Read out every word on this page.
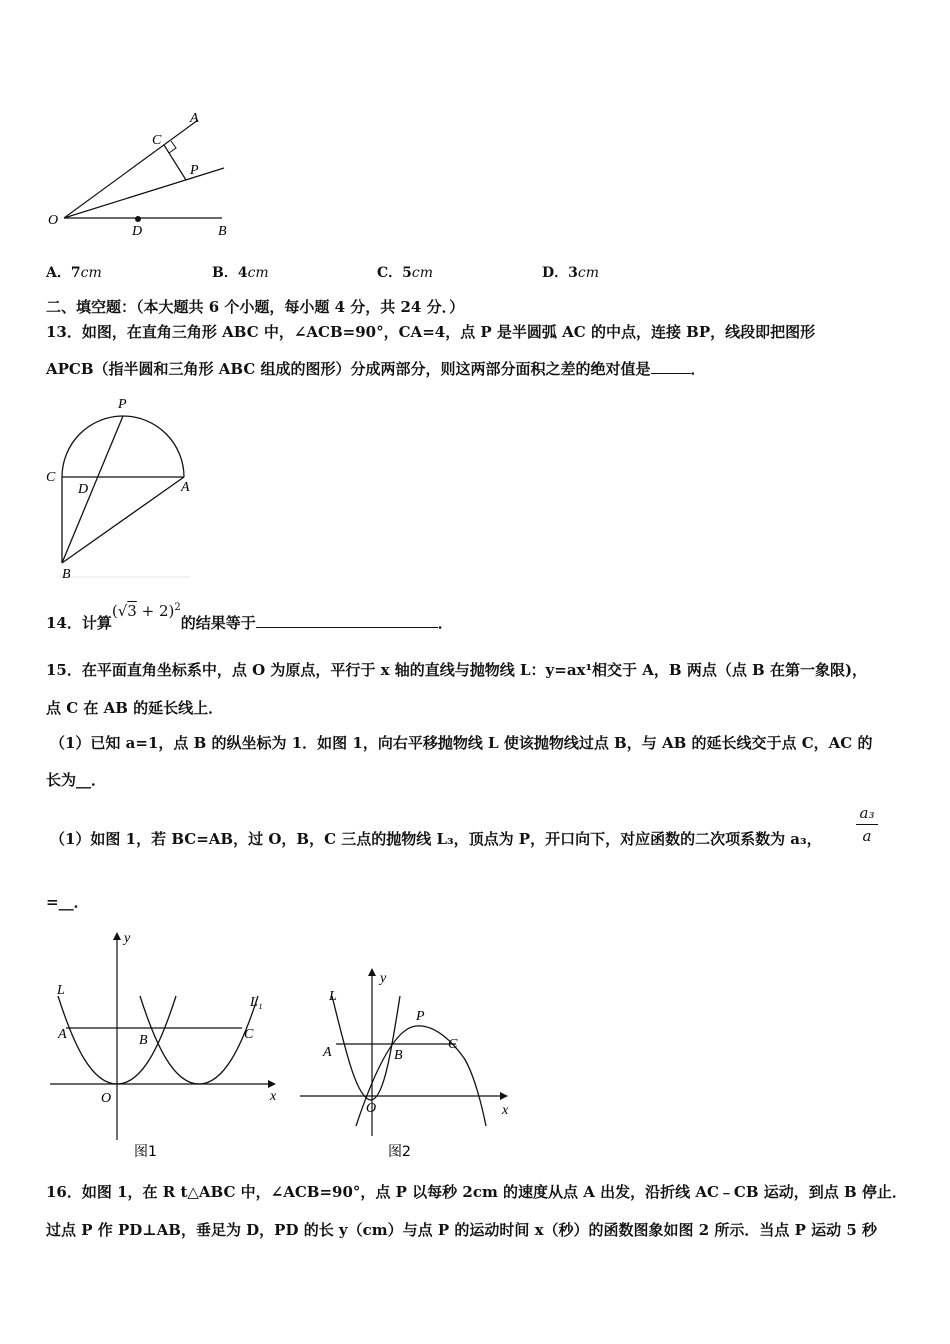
A
C
P
O
D	B
A．7cm	B．4cm	C．5cm	D．3cm
二、填空题：（本大题共 6 个小题，每小题 4 分，共 24 分．）
13．如图，在直角三角形 ABC 中，∠ACB=90°，CA=4，点 P 是半圆弧 AC 的中点，连接 BP，线段即把图形
APCB（指半圆和三角形 ABC 组成的图形）分成两部分，则这两部分面积之差的绝对值是	．
P
C
D	A
B
14．计算$(√3 + 2)^2$的结果等于	．
15．在平面直角坐标系中，点 O 为原点，平行于 x 轴的直线与抛物线 L：y=ax¹相交于 A，B 两点（点 B 在第一象限)，
点 C 在 AB 的延长线上．
（1）已知 a=1，点 B 的纵坐标为 1．如图 1，向右平移抛物线 L 使该抛物线过点 B，与 AB 的延长线交于点 C，AC 的
长为__．
（1）如图 1，若 BC=AB，过 O，B，C 三点的抛物线 L₃，顶点为 P，开口向下，对应函数的二次项系数为 a₃，
a₃
a
=__．
y
L
L₁
A	B	C
O	x
图1
y
L
P
A	B
C
O	x
图2
16．如图 1，在 R t△ABC 中，∠ACB=90°，点 P 以每秒 2cm 的速度从点 A 出发，沿折线 AC﹣CB 运动，到点 B 停止．
过点 P 作 PD⊥AB，垂足为 D，PD 的长 y（cm）与点 P 的运动时间 x（秒）的函数图象如图 2 所示．当点 P 运动 5 秒
